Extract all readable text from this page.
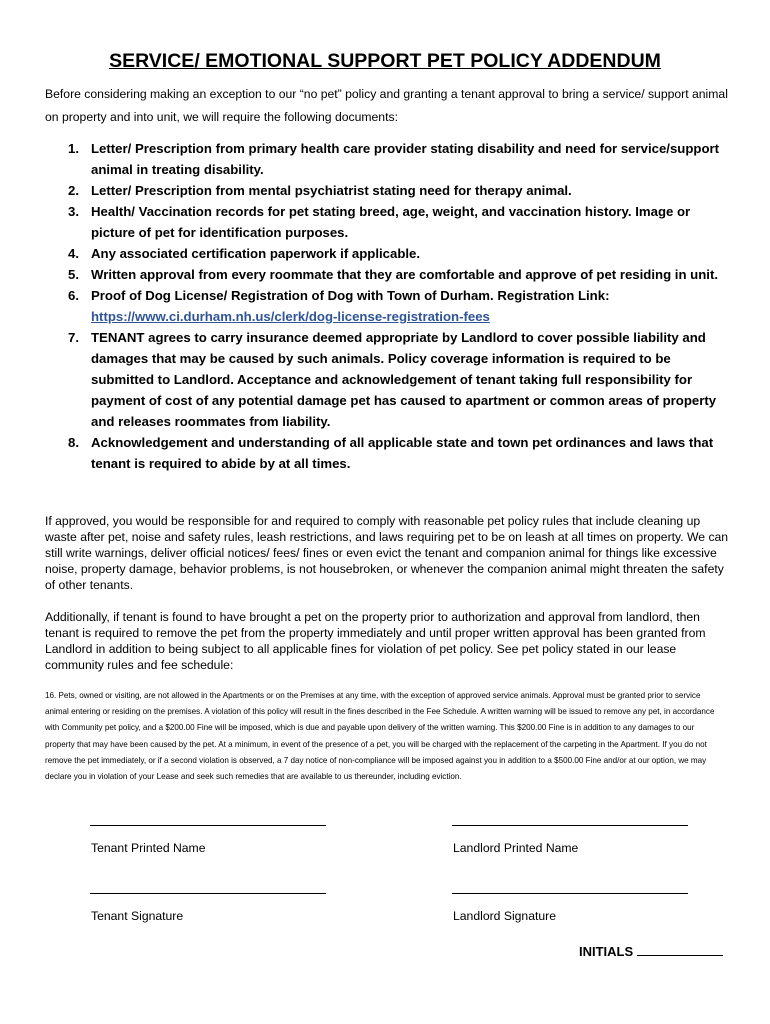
SERVICE/ EMOTIONAL SUPPORT PET POLICY ADDENDUM
Before considering making an exception to our “no pet” policy and granting a tenant approval to bring a service/ support animal on property and into unit, we will require the following documents:
1. Letter/ Prescription from primary health care provider stating disability and need for service/support animal in treating disability.
2. Letter/ Prescription from mental psychiatrist stating need for therapy animal.
3. Health/ Vaccination records for pet stating breed, age, weight, and vaccination history. Image or picture of pet for identification purposes.
4. Any associated certification paperwork if applicable.
5. Written approval from every roommate that they are comfortable and approve of pet residing in unit.
6. Proof of Dog License/ Registration of Dog with Town of Durham. Registration Link:
https://www.ci.durham.nh.us/clerk/dog-license-registration-fees
7. TENANT agrees to carry insurance deemed appropriate by Landlord to cover possible liability and damages that may be caused by such animals. Policy coverage information is required to be submitted to Landlord. Acceptance and acknowledgement of tenant taking full responsibility for payment of cost of any potential damage pet has caused to apartment or common areas of property and releases roommates from liability.
8. Acknowledgement and understanding of all applicable state and town pet ordinances and laws that tenant is required to abide by at all times.
If approved, you would be responsible for and required to comply with reasonable pet policy rules that include cleaning up waste after pet, noise and safety rules, leash restrictions, and laws requiring pet to be on leash at all times on property. We can still write warnings, deliver official notices/ fees/ fines or even evict the tenant and companion animal for things like excessive noise, property damage, behavior problems, is not housebroken, or whenever the companion animal might threaten the safety of other tenants.
Additionally, if tenant is found to have brought a pet on the property prior to authorization and approval from landlord, then tenant is required to remove the pet from the property immediately and until proper written approval has been granted from Landlord in addition to being subject to all applicable fines for violation of pet policy. See pet policy stated in our lease community rules and fee schedule:
16. Pets, owned or visiting, are not allowed in the Apartments or on the Premises at any time, with the exception of approved service animals. Approval must be granted prior to service animal entering or residing on the premises. A violation of this policy will result in the fines described in the Fee Schedule. A written warning will be issued to remove any pet, in accordance with Community pet policy, and a $200.00 Fine will be imposed, which is due and payable upon delivery of the written warning. This $200.00 Fine is in addition to any damages to our property that may have been caused by the pet. At a minimum, in event of the presence of a pet, you will be charged with the replacement of the carpeting in the Apartment. If you do not remove the pet immediately, or if a second violation is observed, a 7 day notice of non-compliance will be imposed against you in addition to a $500.00 Fine and/or at our option, we may declare you in violation of your Lease and seek such remedies that are available to us thereunder, including eviction.
Tenant Printed Name	Landlord Printed Name
Tenant Signature	Landlord Signature
INITIALS
